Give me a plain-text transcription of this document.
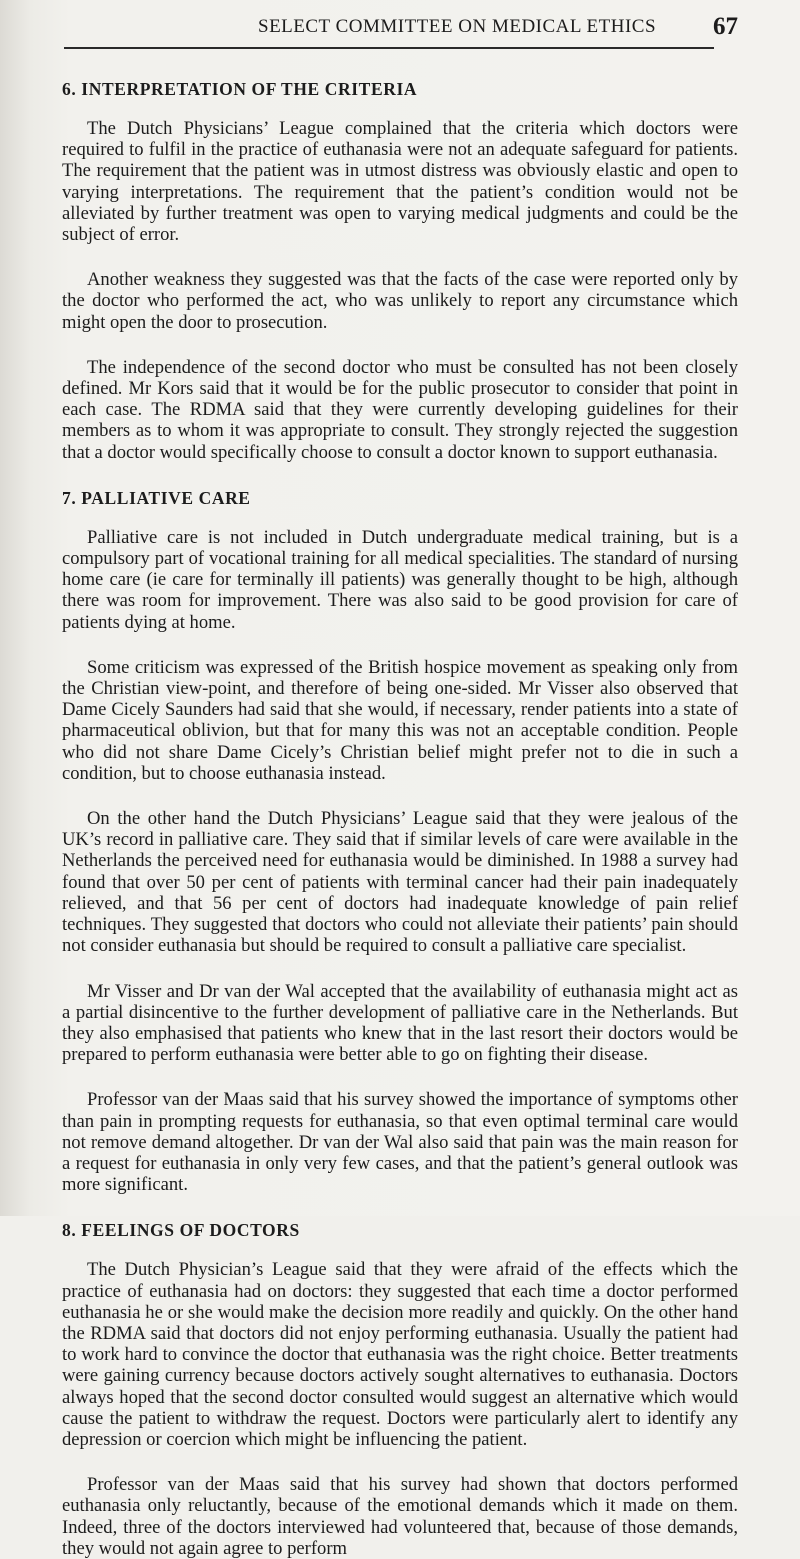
SELECT COMMITTEE ON MEDICAL ETHICS 67
6. INTERPRETATION OF THE CRITERIA

The Dutch Physicians’ League complained that the criteria which doctors were required to fulfil in the practice of euthanasia were not an adequate safeguard for patients. The requirement that the patient was in utmost distress was obviously elastic and open to varying interpretations. The requirement that the patient’s condition would not be alleviated by further treatment was open to varying medical judgments and could be the subject of error.

Another weakness they suggested was that the facts of the case were reported only by the doctor who performed the act, who was unlikely to report any circumstance which might open the door to prosecution.

The independence of the second doctor who must be consulted has not been closely defined. Mr Kors said that it would be for the public prosecutor to consider that point in each case. The RDMA said that they were currently developing guidelines for their members as to whom it was appropriate to consult. They strongly rejected the suggestion that a doctor would specifically choose to consult a doctor known to support euthanasia.

7. PALLIATIVE CARE

Palliative care is not included in Dutch undergraduate medical training, but is a compulsory part of vocational training for all medical specialities. The standard of nursing home care (ie care for terminally ill patients) was generally thought to be high, although there was room for improvement. There was also said to be good provision for care of patients dying at home.

Some criticism was expressed of the British hospice movement as speaking only from the Christian view-point, and therefore of being one-sided. Mr Visser also observed that Dame Cicely Saunders had said that she would, if necessary, render patients into a state of pharmaceutical oblivion, but that for many this was not an acceptable condition. People who did not share Dame Cicely’s Christian belief might prefer not to die in such a condition, but to choose euthanasia instead.

On the other hand the Dutch Physicians’ League said that they were jealous of the UK’s record in palliative care. They said that if similar levels of care were available in the Netherlands the perceived need for euthanasia would be diminished. In 1988 a survey had found that over 50 per cent of patients with terminal cancer had their pain inadequately relieved, and that 56 per cent of doctors had inadequate knowledge of pain relief techniques. They suggested that doctors who could not alleviate their patients’ pain should not consider euthanasia but should be required to consult a palliative care specialist.

Mr Visser and Dr van der Wal accepted that the availability of euthanasia might act as a partial disincentive to the further development of palliative care in the Netherlands. But they also emphasised that patients who knew that in the last resort their doctors would be prepared to perform euthanasia were better able to go on fighting their disease.

Professor van der Maas said that his survey showed the importance of symptoms other than pain in prompting requests for euthanasia, so that even optimal terminal care would not remove demand altogether. Dr van der Wal also said that pain was the main reason for a request for euthanasia in only very few cases, and that the patient’s general outlook was more significant.

8. FEELINGS OF DOCTORS

The Dutch Physician’s League said that they were afraid of the effects which the practice of euthanasia had on doctors: they suggested that each time a doctor performed euthanasia he or she would make the decision more readily and quickly. On the other hand the RDMA said that doctors did not enjoy performing euthanasia. Usually the patient had to work hard to convince the doctor that euthanasia was the right choice. Better treatments were gaining currency because doctors actively sought alternatives to euthanasia. Doctors always hoped that the second doctor consulted would suggest an alternative which would cause the patient to withdraw the request. Doctors were particularly alert to identify any depression or coercion which might be influencing the patient.

Professor van der Maas said that his survey had shown that doctors performed euthanasia only reluctantly, because of the emotional demands which it made on them. Indeed, three of the doctors interviewed had volunteered that, because of those demands, they would not again agree to perform
